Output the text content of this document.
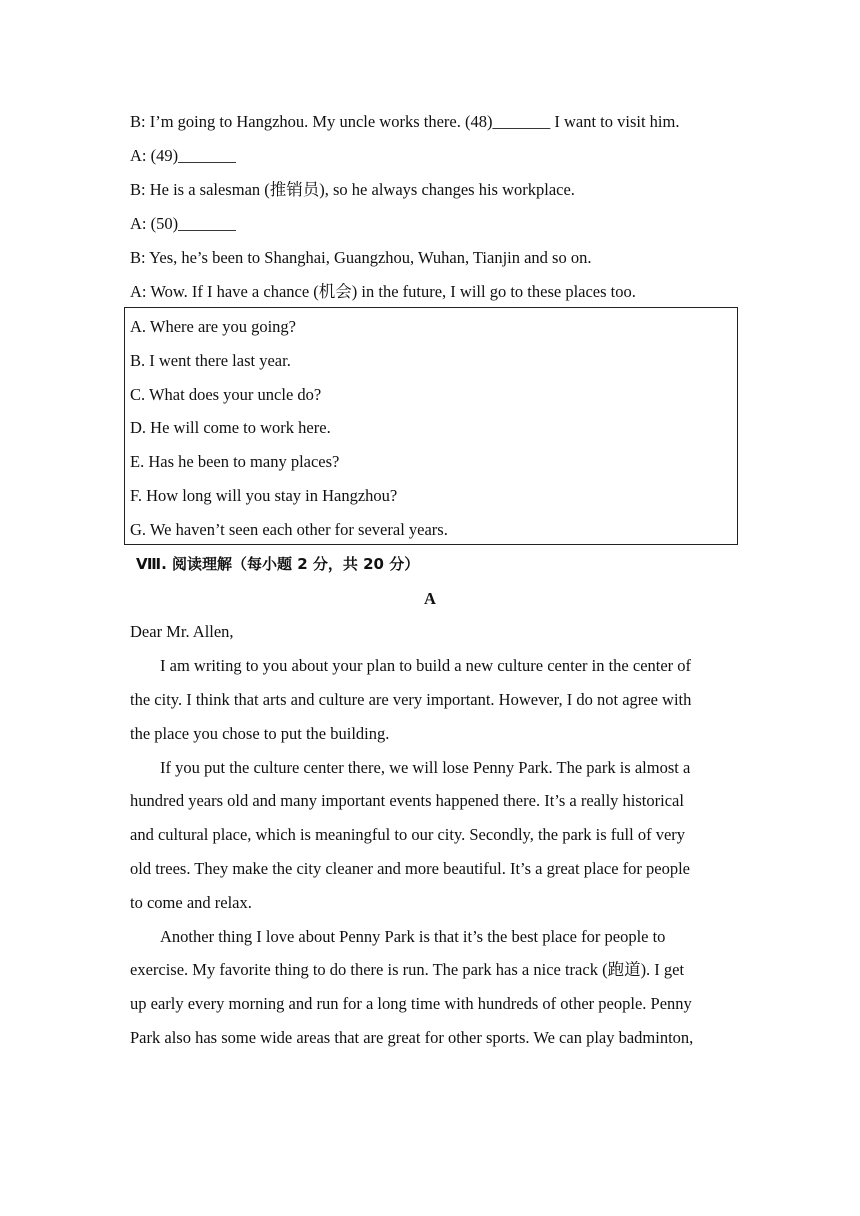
B: I’m going to Hangzhou. My uncle works there. (48)_______ I want to visit him.
A: (49)_______
B: He is a salesman (推销员), so he always changes his workplace.
A: (50)_______
B: Yes, he’s been to Shanghai, Guangzhou, Wuhan, Tianjin and so on.
A: Wow. If I have a chance (机会) in the future, I will go to these places too.
A. Where are you going?
B. I went there last year.
C. What does your uncle do?
D. He will come to work here.
E. Has he been to many places?
F. How long will you stay in Hangzhou?
G. We haven’t seen each other for several years.
Ⅷ. 阅读理解（每小题 2 分，共 20 分）
A
Dear Mr. Allen,
I am writing to you about your plan to build a new culture center in the center of
the city. I think that arts and culture are very important. However, I do not agree with
the place you chose to put the building.
If you put the culture center there, we will lose Penny Park. The park is almost a
hundred years old and many important events happened there. It’s a really historical
and cultural place, which is meaningful to our city. Secondly, the park is full of very
old trees. They make the city cleaner and more beautiful. It’s a great place for people
to come and relax.
Another thing I love about Penny Park is that it’s the best place for people to
exercise. My favorite thing to do there is run. The park has a nice track (跑道). I get
up early every morning and run for a long time with hundreds of other people. Penny
Park also has some wide areas that are great for other sports. We can play badminton,
